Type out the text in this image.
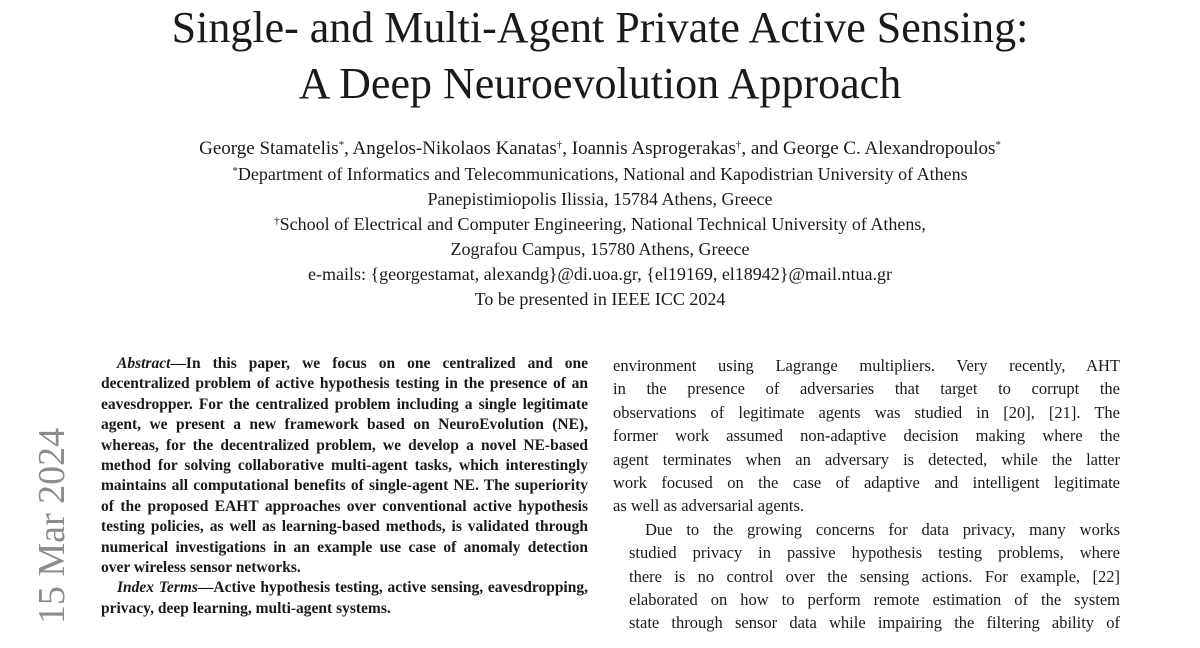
Single- and Multi-Agent Private Active Sensing:
A Deep Neuroevolution Approach
George Stamatelis*, Angelos-Nikolaos Kanatas†, Ioannis Asprogerakas†, and George C. Alexandropoulos*
*Department of Informatics and Telecommunications, National and Kapodistrian University of Athens
Panepistimiopolis Ilissia, 15784 Athens, Greece
†School of Electrical and Computer Engineering, National Technical University of Athens,
Zografou Campus, 15780 Athens, Greece
e-mails: {georgestamat, alexandg}@di.uoa.gr, {el19169, el18942}@mail.ntua.gr
To be presented in IEEE ICC 2024
15 Mar 2024

Abstract—In this paper, we focus on one centralized and one decentralized problem of active hypothesis testing in the presence of an eavesdropper. For the centralized problem including a single legitimate agent, we present a new framework based on NeuroEvolution (NE), whereas, for the decentralized problem, we develop a novel NE-based method for solving collaborative multi-agent tasks, which interestingly maintains all computational benefits of single-agent NE. The superiority of the proposed EAHT approaches over conventional active hypothesis testing policies, as well as learning-based methods, is validated through numerical investigations in an example use case of anomaly detection over wireless sensor networks.

Index Terms—Active hypothesis testing, active sensing, eavesdropping, privacy, deep learning, multi-agent systems.

environment using Lagrange multipliers. Very recently, AHT
in the presence of adversaries that target to corrupt the
observations of legitimate agents was studied in [20], [21]. The
former work assumed non-adaptive decision making where the
agent terminates when an adversary is detected, while the latter
work focused on the case of adaptive and intelligent legitimate
as well as adversarial agents.

Due to the growing concerns for data privacy, many works
studied privacy in passive hypothesis testing problems, where
there is no control over the sensing actions. For example, [22]
elaborated on how to perform remote estimation of the system
state through sensor data while impairing the filtering ability of
